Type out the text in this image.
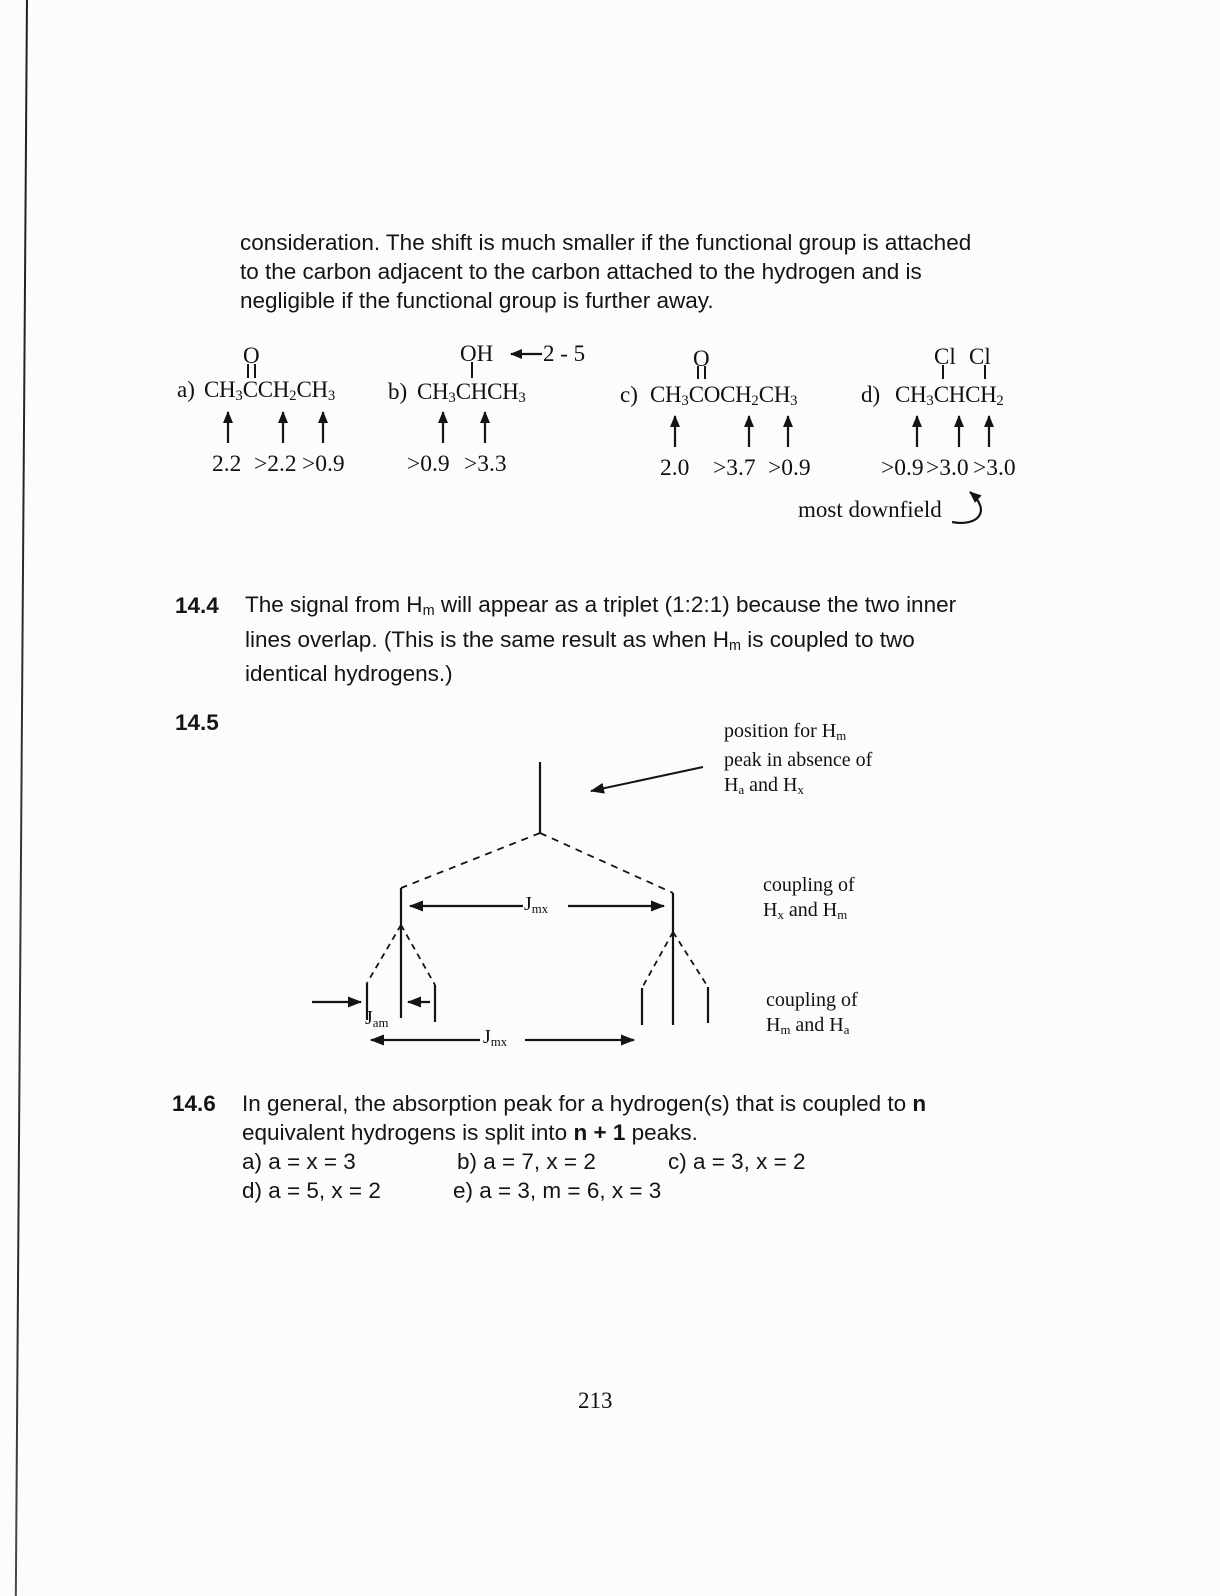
consideration. The shift is much smaller if the functional group is attached
to the carbon adjacent to the carbon attached to the hydrogen and is
negligible if the functional group is further away.
a)
O
$CH_3CCH_2CH_3$
2.2 >2.2 >0.9
b)
OH 2 - 5
$CH_3CHCH_3$
>0.9 >3.3
c)
O
$CH_3COCH_2CH_3$
2.0 >3.7 >0.9
d)
Cl Cl
$CH_3CHCH_2$
>0.9 >3.0 >3.0
most downfield
14.4 The signal from $H_m$ will appear as a triplet (1:2:1) because the two inner
lines overlap. (This is the same result as when $H_m$ is coupled to two
identical hydrogens.)
14.5	position for $H_m$
peak in absence of
$H_a$ and $H_x$
coupling of
$H_x$ and $H_m$
coupling of
$H_m$ and $H_a$
$J_{mx}$
$J_{am}$
$J_{mx}$
14.6 In general, the absorption peak for a hydrogen(s) that is coupled to n
equivalent hydrogens is split into n + 1 peaks.
a) a = x = 3	b) a = 7, x = 2	c) a = 3, x = 2
d) a = 5, x = 2	e) a = 3, m = 6, x = 3
213
